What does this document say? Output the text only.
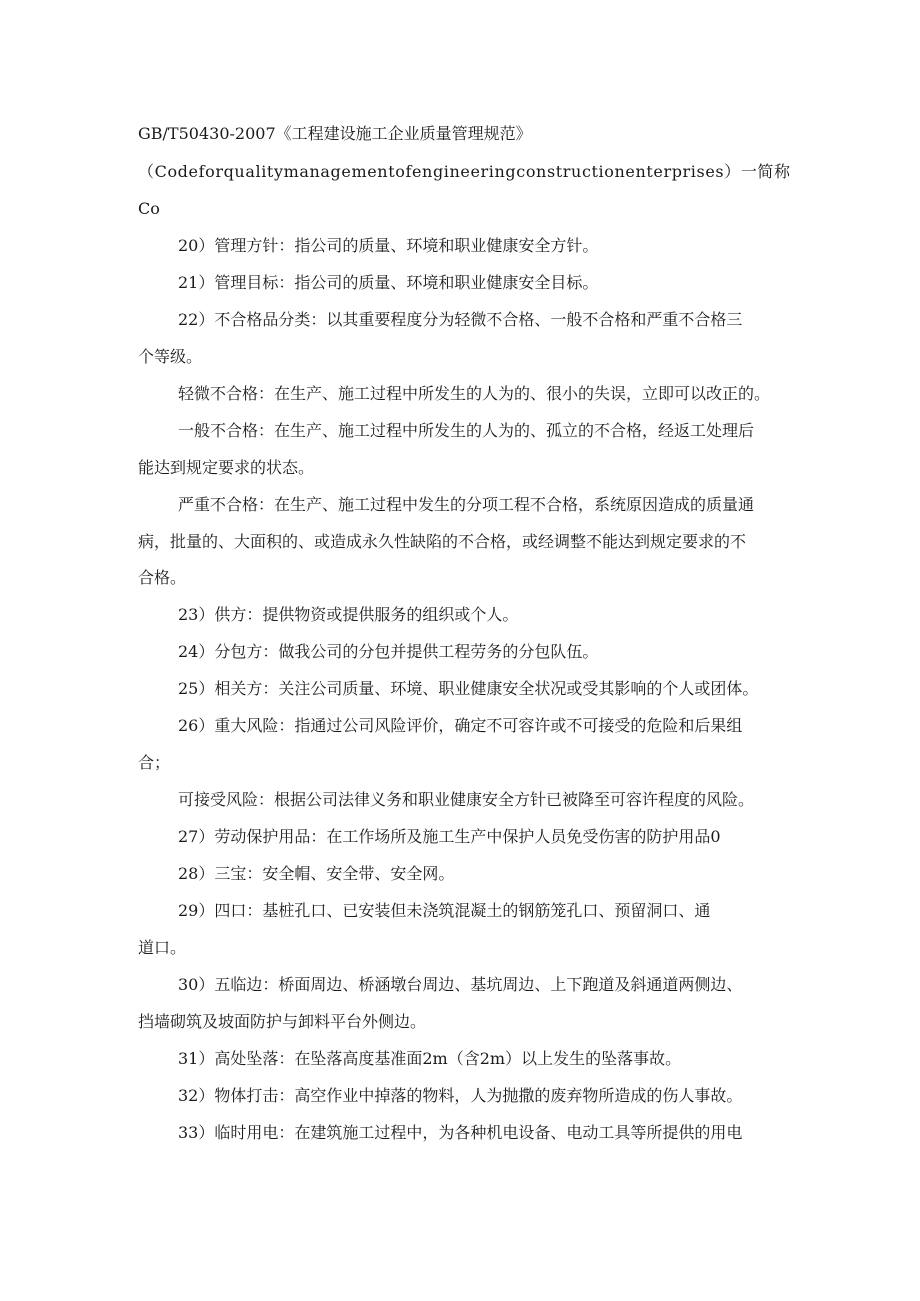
GB/T50430-2007《工程建设施工企业质量管理规范》

（Codeforqualitymanagementofengineeringconstructionenterprises）一简称

Co

20）管理方针：指公司的质量、环境和职业健康安全方针。

21）管理目标：指公司的质量、环境和职业健康安全目标。

22）不合格品分类：以其重要程度分为轻微不合格、一般不合格和严重不合格三

个等级。

轻微不合格：在生产、施工过程中所发生的人为的、很小的失误，立即可以改正的。

一般不合格：在生产、施工过程中所发生的人为的、孤立的不合格，经返工处理后

能达到规定要求的状态。

严重不合格：在生产、施工过程中发生的分项工程不合格，系统原因造成的质量通

病，批量的、大面积的、或造成永久性缺陷的不合格，或经调整不能达到规定要求的不

合格。

23）供方：提供物资或提供服务的组织或个人。

24）分包方：做我公司的分包并提供工程劳务的分包队伍。

25）相关方：关注公司质量、环境、职业健康安全状况或受其影响的个人或团体。

26）重大风险：指通过公司风险评价，确定不可容许或不可接受的危险和后果组

合；

可接受风险：根据公司法律义务和职业健康安全方针已被降至可容许程度的风险。

27）劳动保护用品：在工作场所及施工生产中保护人员免受伤害的防护用品0

28）三宝：安全帽、安全带、安全网。

29）四口：基桩孔口、已安装但未浇筑混凝土的钢筋笼孔口、预留洞口、通

道口。

30）五临边：桥面周边、桥涵墩台周边、基坑周边、上下跑道及斜通道两侧边、

挡墙砌筑及坡面防护与卸料平台外侧边。

31）高处坠落：在坠落高度基准面2m（含2m）以上发生的坠落事故。

32）物体打击：高空作业中掉落的物料，人为抛撒的废弃物所造成的伤人事故。

33）临时用电：在建筑施工过程中，为各种机电设备、电动工具等所提供的用电
